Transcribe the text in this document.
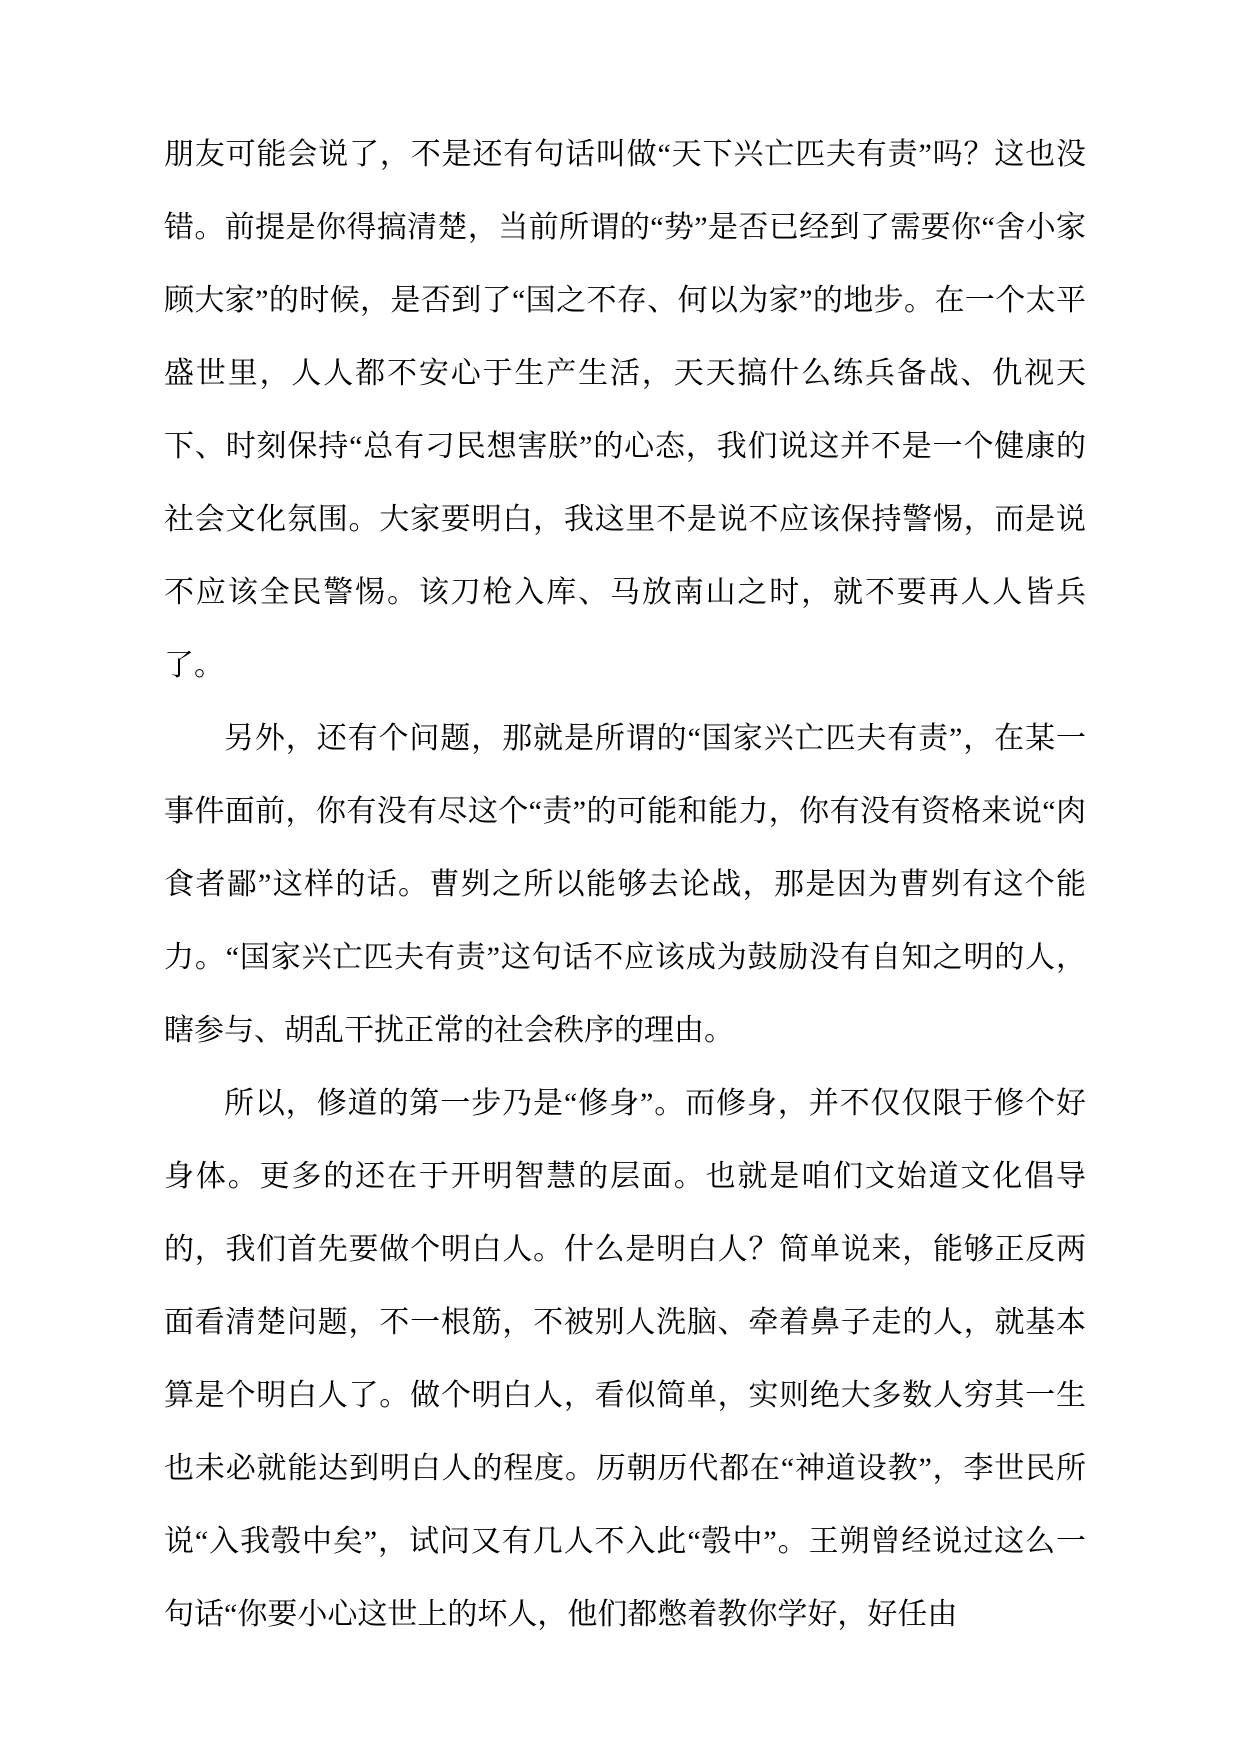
朋友可能会说了，不是还有句话叫做“天下兴亡匹夫有责”吗？这也没错。前提是你得搞清楚，当前所谓的“势”是否已经到了需要你“舍小家顾大家”的时候，是否到了“国之不存、何以为家”的地步。在一个太平盛世里，人人都不安心于生产生活，天天搞什么练兵备战、仇视天下、时刻保持“总有刁民想害朕”的心态，我们说这并不是一个健康的社会文化氛围。大家要明白，我这里不是说不应该保持警惕，而是说不应该全民警惕。该刀枪入库、马放南山之时，就不要再人人皆兵了。

另外，还有个问题，那就是所谓的“国家兴亡匹夫有责”，在某一事件面前，你有没有尽这个“责”的可能和能力，你有没有资格来说“肉食者鄙”这样的话。曹刿之所以能够去论战，那是因为曹刿有这个能力。“国家兴亡匹夫有责”这句话不应该成为鼓励没有自知之明的人，瞎参与、胡乱干扰正常的社会秩序的理由。

所以，修道的第一步乃是“修身”。而修身，并不仅仅限于修个好身体。更多的还在于开明智慧的层面。也就是咱们文始道文化倡导的，我们首先要做个明白人。什么是明白人？简单说来，能够正反两面看清楚问题，不一根筋，不被别人洗脑、牵着鼻子走的人，就基本算是个明白人了。做个明白人，看似简单，实则绝大多数人穷其一生也未必就能达到明白人的程度。历朝历代都在“神道设教”，李世民所说“入我彀中矣”，试问又有几人不入此“彀中”。王朔曾经说过这么一句话“你要小心这世上的坏人，他们都憋着教你学好，好任由
